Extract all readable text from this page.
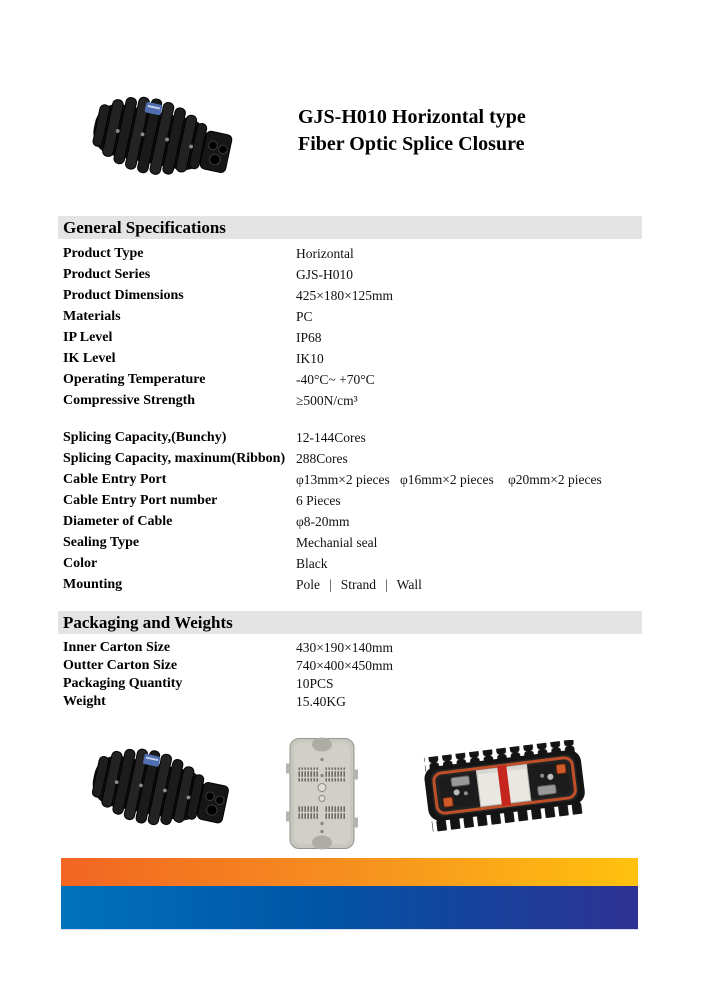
GJS-H010 Horizontal type
Fiber Optic Splice Closure
General Specifications
Product Type	Horizontal
Product Series	GJS-H010
Product Dimensions	425×180×125mm
Materials	PC
IP Level	IP68
IK Level	IK10
Operating Temperature	-40°C~ +70°C
Compressive Strength	≥500N/cm³
Splicing Capacity,(Bunchy)	12-144Cores
Splicing Capacity, maxinum(Ribbon) 288Cores
Cable Entry Port	φ13mm×2 pieces φ16mm×2 pieces	φ20mm×2 pieces
Cable Entry Port number	6 Pieces
Diameter of Cable	φ8-20mm
Sealing Type	Mechanial seal
Color	Black
Mounting	Pole | Strand | Wall
Packaging and Weights
Inner Carton Size	430×190×140mm
Outter Carton Size	740×400×450mm
Packaging Quantity	10PCS
Weight	15.40KG
